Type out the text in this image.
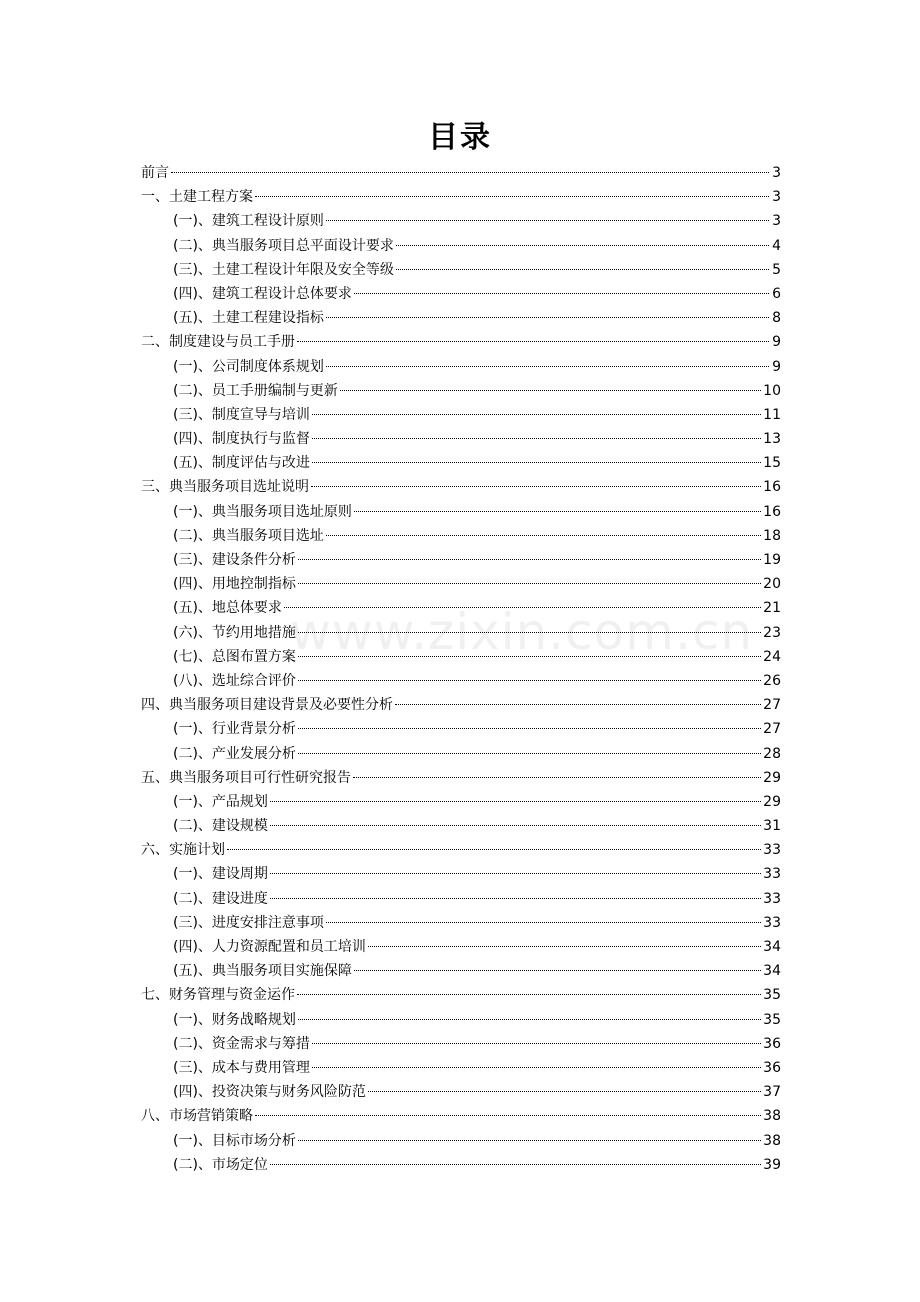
目录
www.zixin.com.cn
前言	3
一、土建工程方案	3
(一)、建筑工程设计原则	3
(二)、典当服务项目总平面设计要求	4
(三)、土建工程设计年限及安全等级	5
(四)、建筑工程设计总体要求	6
(五)、土建工程建设指标	8
二、制度建设与员工手册	9
(一)、公司制度体系规划	9
(二)、员工手册编制与更新	10
(三)、制度宣导与培训	11
(四)、制度执行与监督	13
(五)、制度评估与改进	15
三、典当服务项目选址说明	16
(一)、典当服务项目选址原则	16
(二)、典当服务项目选址	18
(三)、建设条件分析	19
(四)、用地控制指标	20
(五)、地总体要求	21
(六)、节约用地措施	23
(七)、总图布置方案	24
(八)、选址综合评价	26
四、典当服务项目建设背景及必要性分析	27
(一)、行业背景分析	27
(二)、产业发展分析	28
五、典当服务项目可行性研究报告	29
(一)、产品规划	29
(二)、建设规模	31
六、实施计划	33
(一)、建设周期	33
(二)、建设进度	33
(三)、进度安排注意事项	33
(四)、人力资源配置和员工培训	34
(五)、典当服务项目实施保障	34
七、财务管理与资金运作	35
(一)、财务战略规划	35
(二)、资金需求与筹措	36
(三)、成本与费用管理	36
(四)、投资决策与财务风险防范	37
八、市场营销策略	38
(一)、目标市场分析	38
(二)、市场定位	39
